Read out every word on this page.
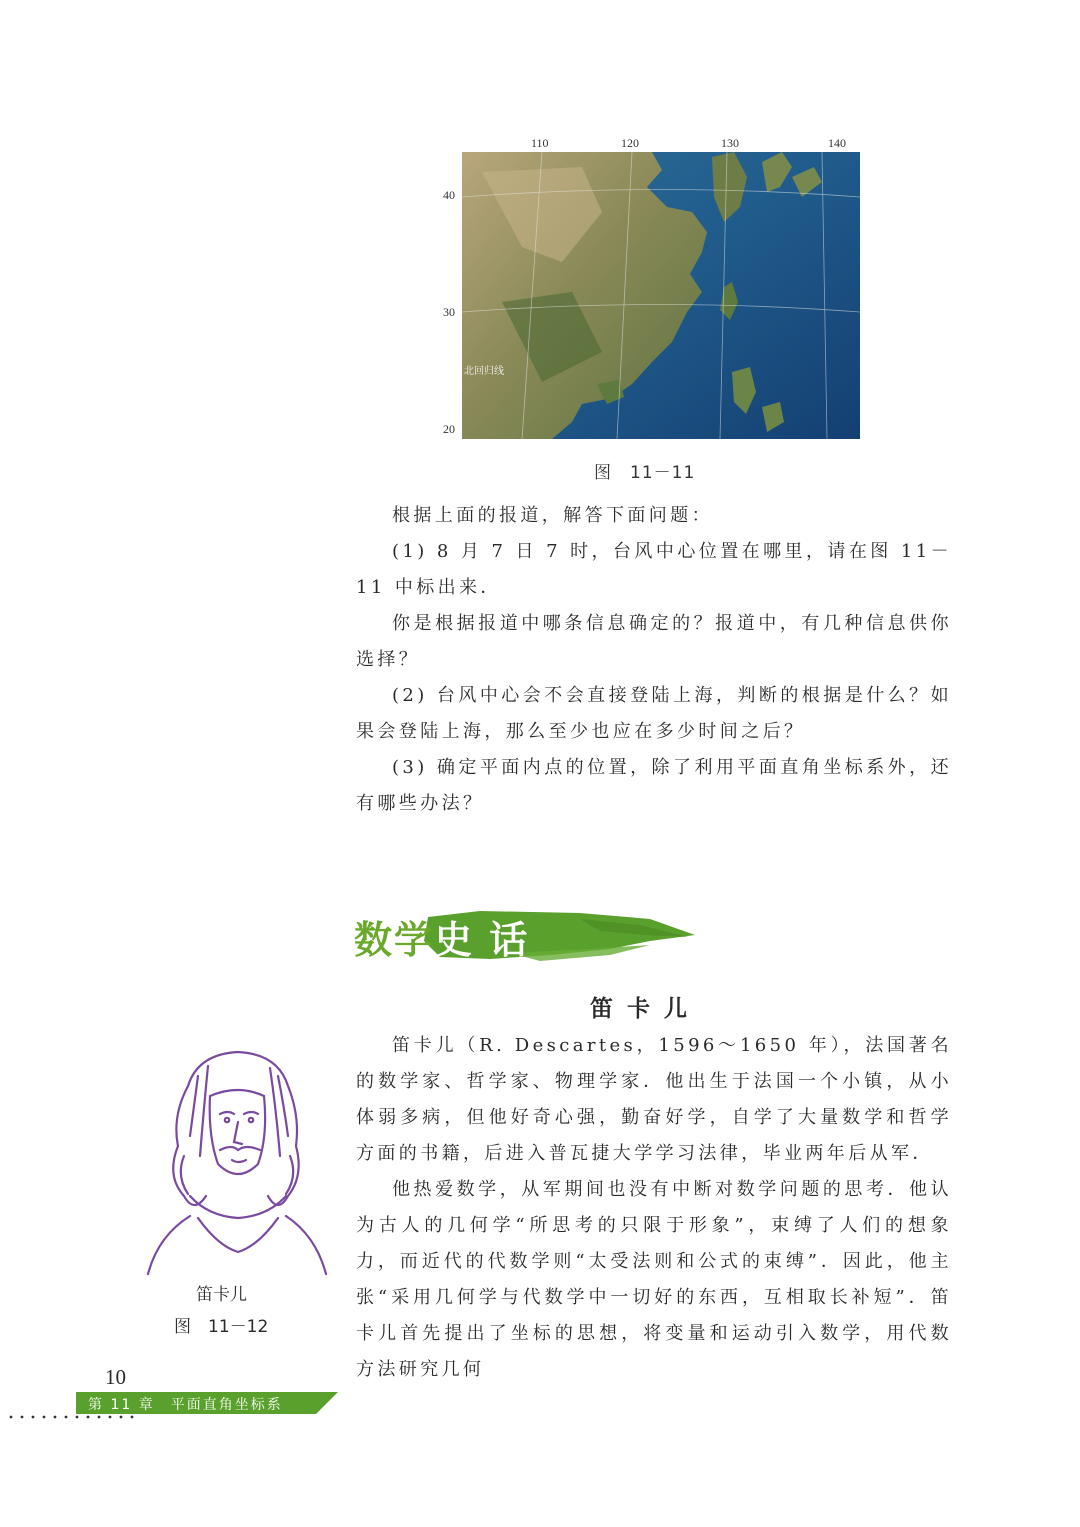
110	120	130	140
40
30
20
北回归线
图　11－11

根据上面的报道，解答下面问题：

(1) 8 月 7 日 7 时，台风中心位置在哪里，请在图 11－11 中标出来．

你是根据报道中哪条信息确定的？报道中，有几种信息供你选择？

(2) 台风中心会不会直接登陆上海，判断的根据是什么？如果会登陆上海，那么至少也应在多少时间之后？

(3) 确定平面内点的位置，除了利用平面直角坐标系外，还有哪些办法？

数学史 话
笛卡儿

笛卡儿（R. Descartes，1596～1650 年），法国著名的数学家、哲学家、物理学家．他出生于法国一个小镇，从小体弱多病，但他好奇心强，勤奋好学，自学了大量数学和哲学方面的书籍，后进入普瓦捷大学学习法律，毕业两年后从军．

他热爱数学，从军期间也没有中断对数学问题的思考．他认为古人的几何学“所思考的只限于形象”，束缚了人们的想象力，而近代的代数学则“太受法则和公式的束缚”．因此，他主张“采用几何学与代数学中一切好的东西，互相取长补短”．笛卡儿首先提出了坐标的思想，将变量和运动引入数学，用代数方法研究几何

笛卡儿
图　11－12
10
第 11 章　平面直角坐标系
